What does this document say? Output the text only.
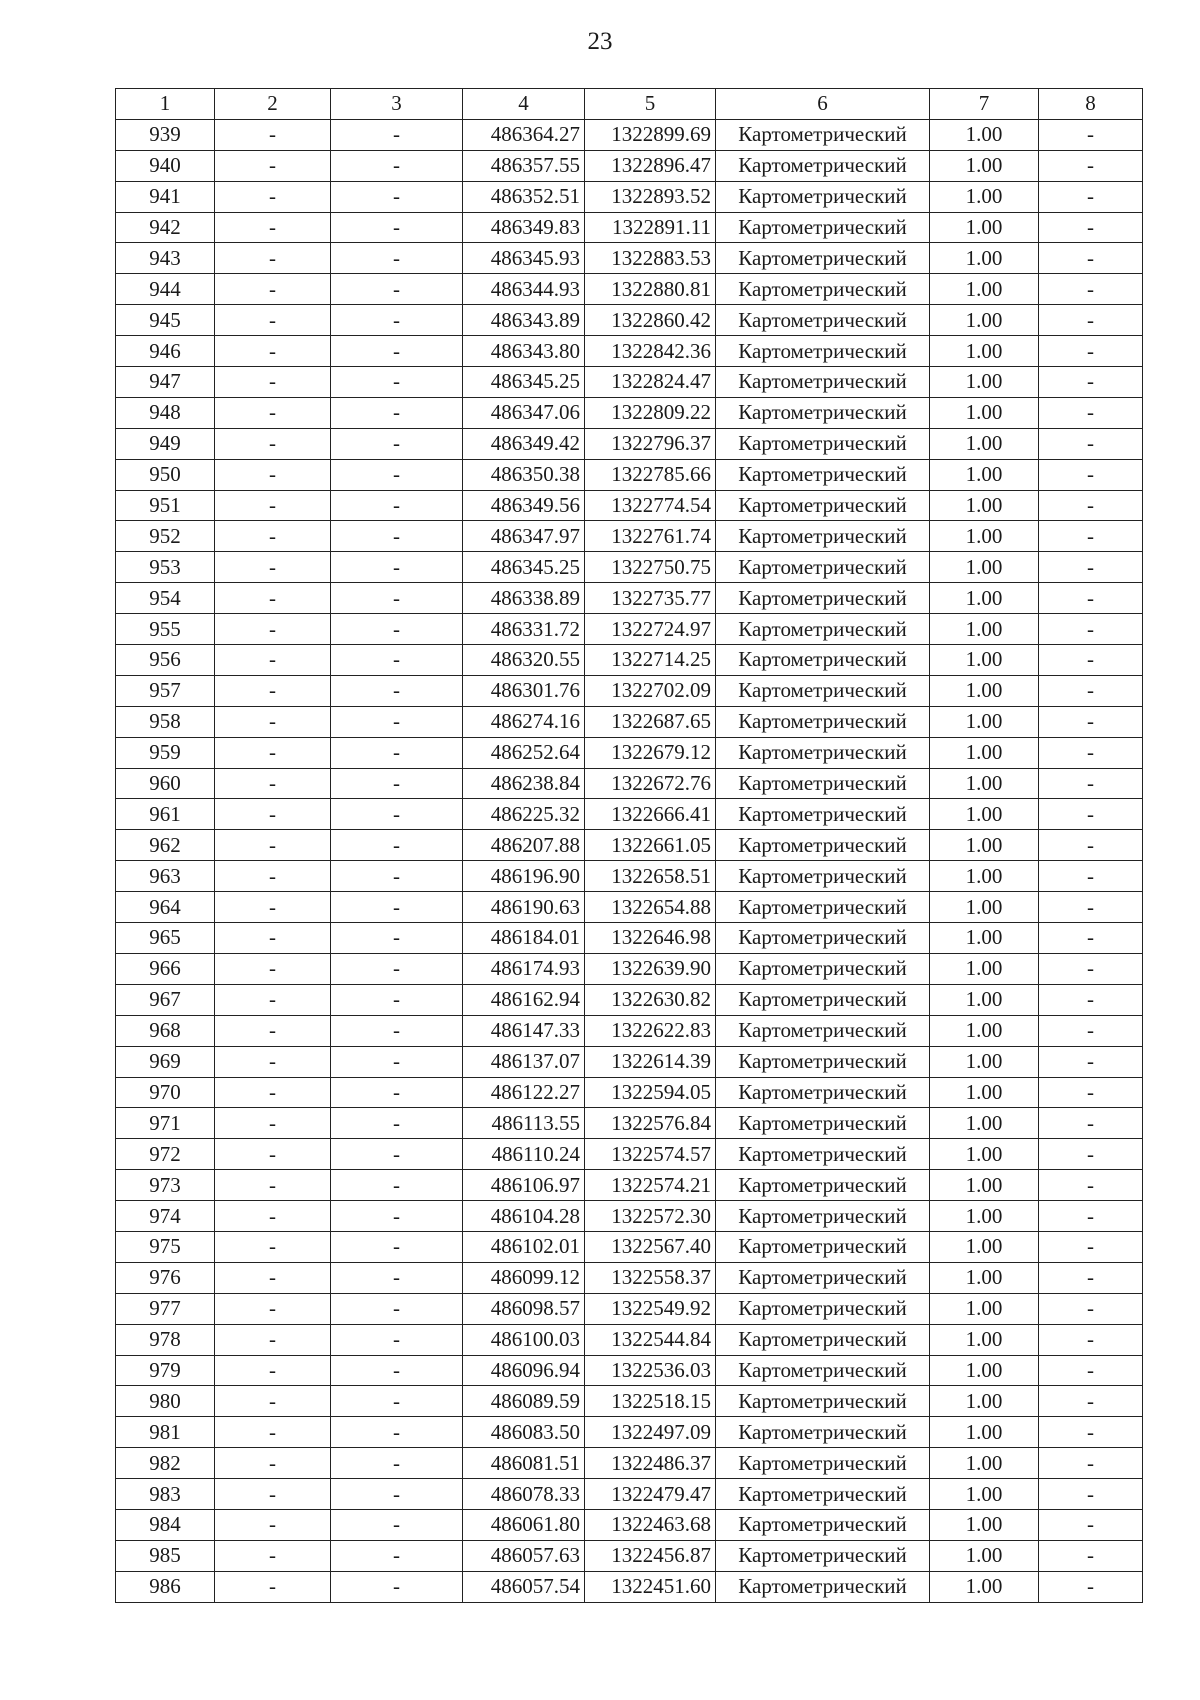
23
1	2	3	4	5	6	7	8
939	-	-	486364.27	1322899.69	Картометрический	1.00	-
940	-	-	486357.55	1322896.47	Картометрический	1.00	-
941	-	-	486352.51	1322893.52	Картометрический	1.00	-
942	-	-	486349.83	1322891.11	Картометрический	1.00	-
943	-	-	486345.93	1322883.53	Картометрический	1.00	-
944	-	-	486344.93	1322880.81	Картометрический	1.00	-
945	-	-	486343.89	1322860.42	Картометрический	1.00	-
946	-	-	486343.80	1322842.36	Картометрический	1.00	-
947	-	-	486345.25	1322824.47	Картометрический	1.00	-
948	-	-	486347.06	1322809.22	Картометрический	1.00	-
949	-	-	486349.42	1322796.37	Картометрический	1.00	-
950	-	-	486350.38	1322785.66	Картометрический	1.00	-
951	-	-	486349.56	1322774.54	Картометрический	1.00	-
952	-	-	486347.97	1322761.74	Картометрический	1.00	-
953	-	-	486345.25	1322750.75	Картометрический	1.00	-
954	-	-	486338.89	1322735.77	Картометрический	1.00	-
955	-	-	486331.72	1322724.97	Картометрический	1.00	-
956	-	-	486320.55	1322714.25	Картометрический	1.00	-
957	-	-	486301.76	1322702.09	Картометрический	1.00	-
958	-	-	486274.16	1322687.65	Картометрический	1.00	-
959	-	-	486252.64	1322679.12	Картометрический	1.00	-
960	-	-	486238.84	1322672.76	Картометрический	1.00	-
961	-	-	486225.32	1322666.41	Картометрический	1.00	-
962	-	-	486207.88	1322661.05	Картометрический	1.00	-
963	-	-	486196.90	1322658.51	Картометрический	1.00	-
964	-	-	486190.63	1322654.88	Картометрический	1.00	-
965	-	-	486184.01	1322646.98	Картометрический	1.00	-
966	-	-	486174.93	1322639.90	Картометрический	1.00	-
967	-	-	486162.94	1322630.82	Картометрический	1.00	-
968	-	-	486147.33	1322622.83	Картометрический	1.00	-
969	-	-	486137.07	1322614.39	Картометрический	1.00	-
970	-	-	486122.27	1322594.05	Картометрический	1.00	-
971	-	-	486113.55	1322576.84	Картометрический	1.00	-
972	-	-	486110.24	1322574.57	Картометрический	1.00	-
973	-	-	486106.97	1322574.21	Картометрический	1.00	-
974	-	-	486104.28	1322572.30	Картометрический	1.00	-
975	-	-	486102.01	1322567.40	Картометрический	1.00	-
976	-	-	486099.12	1322558.37	Картометрический	1.00	-
977	-	-	486098.57	1322549.92	Картометрический	1.00	-
978	-	-	486100.03	1322544.84	Картометрический	1.00	-
979	-	-	486096.94	1322536.03	Картометрический	1.00	-
980	-	-	486089.59	1322518.15	Картометрический	1.00	-
981	-	-	486083.50	1322497.09	Картометрический	1.00	-
982	-	-	486081.51	1322486.37	Картометрический	1.00	-
983	-	-	486078.33	1322479.47	Картометрический	1.00	-
984	-	-	486061.80	1322463.68	Картометрический	1.00	-
985	-	-	486057.63	1322456.87	Картометрический	1.00	-
986	-	-	486057.54	1322451.60	Картометрический	1.00	-
